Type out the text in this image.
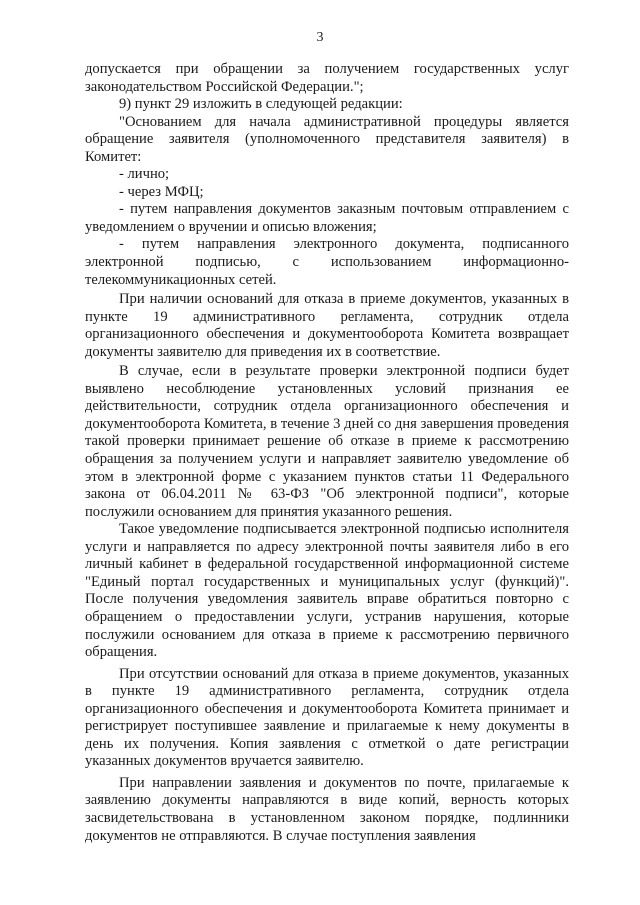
3

допускается при обращении за получением государственных услуг законодательством Российской Федерации.";

9) пункт 29 изложить в следующей редакции:

"Основанием для начала административной процедуры является обращение заявителя (уполномоченного представителя заявителя) в Комитет:

- лично;

- через МФЦ;

- путем направления документов заказным почтовым отправлением с уведомлением о вручении и описью вложения;

- путем направления электронного документа, подписанного электронной подписью, с использованием информационно-телекоммуникационных сетей.

При наличии оснований для отказа в приеме документов, указанных в пункте 19 административного регламента, сотрудник отдела организационного обеспечения и документооборота Комитета возвращает документы заявителю для приведения их в соответствие.

В случае, если в результате проверки электронной подписи будет выявлено несоблюдение установленных условий признания ее действительности, сотрудник отдела организационного обеспечения и документооборота Комитета, в течение 3 дней со дня завершения проведения такой проверки принимает решение об отказе в приеме к рассмотрению обращения за получением услуги и направляет заявителю уведомление об этом в электронной форме с указанием пунктов статьи 11 Федерального закона от 06.04.2011 № 63-ФЗ "Об электронной подписи", которые послужили основанием для принятия указанного решения.

Такое уведомление подписывается электронной подписью исполнителя услуги и направляется по адресу электронной почты заявителя либо в его личный кабинет в федеральной государственной информационной системе "Единый портал государственных и муниципальных услуг (функций)". После получения уведомления заявитель вправе обратиться повторно с обращением о предоставлении услуги, устранив нарушения, которые послужили основанием для отказа в приеме к рассмотрению первичного обращения.

При отсутствии оснований для отказа в приеме документов, указанных в пункте 19 административного регламента, сотрудник отдела организационного обеспечения и документооборота Комитета принимает и регистрирует поступившее заявление и прилагаемые к нему документы в день их получения. Копия заявления с отметкой о дате регистрации указанных документов вручается заявителю.

При направлении заявления и документов по почте, прилагаемые к заявлению документы направляются в виде копий, верность которых засвидетельствована в установленном законом порядке, подлинники документов не отправляются. В случае поступления заявления
